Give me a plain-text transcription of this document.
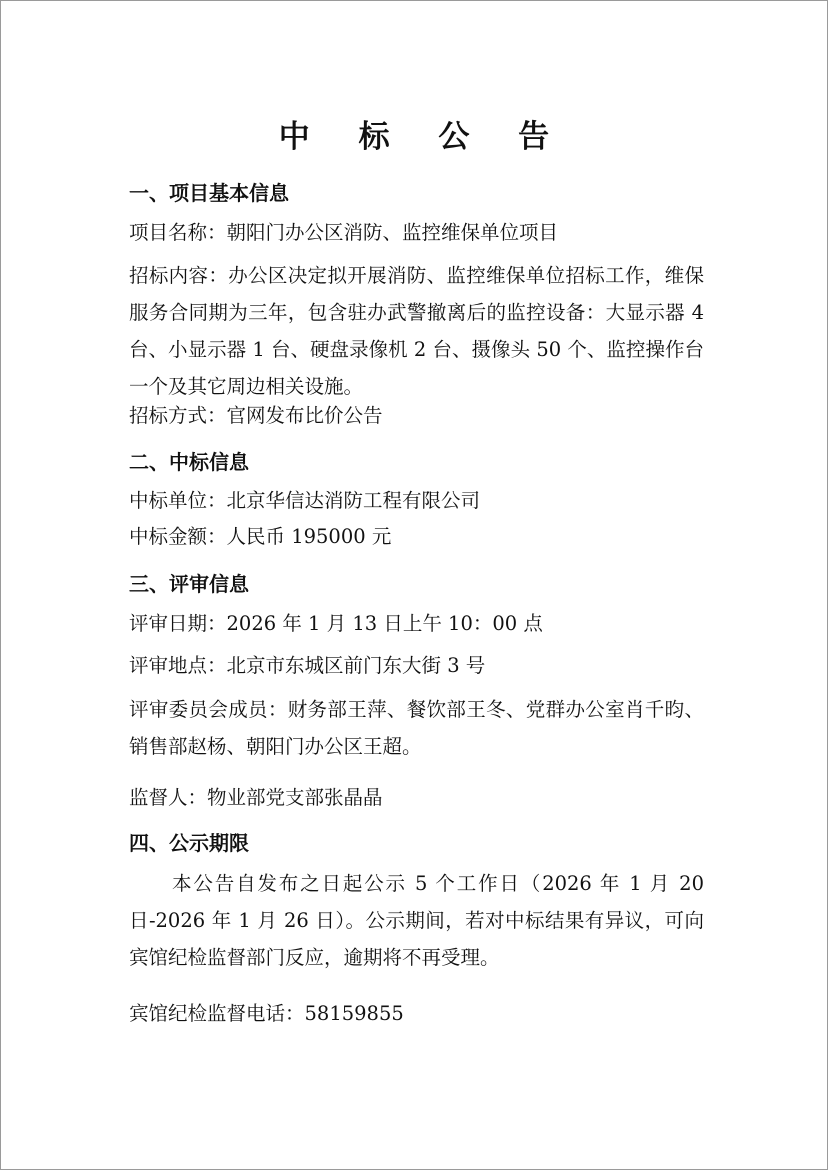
中 标 公 告
一、项目基本信息
项目名称：朝阳门办公区消防、监控维保单位项目
招标内容：办公区决定拟开展消防、监控维保单位招标工作，维保服务合同期为三年，包含驻办武警撤离后的监控设备：大显示器 4 台、小显示器 1 台、硬盘录像机 2 台、摄像头 50 个、监控操作台一个及其它周边相关设施。
招标方式：官网发布比价公告
二、中标信息
中标单位：北京华信达消防工程有限公司
中标金额：人民币 195000 元
三、评审信息
评审日期：2026 年 1 月 13 日上午 10：00 点
评审地点：北京市东城区前门东大街 3 号
评审委员会成员：财务部王萍、餐饮部王冬、党群办公室肖千昀、销售部赵杨、朝阳门办公区王超。
监督人：物业部党支部张晶晶
四、公示期限
本公告自发布之日起公示 5 个工作日（2026 年 1 月 20 日-2026 年 1 月 26 日）。公示期间，若对中标结果有异议，可向宾馆纪检监督部门反应，逾期将不再受理。
宾馆纪检监督电话：58159855
